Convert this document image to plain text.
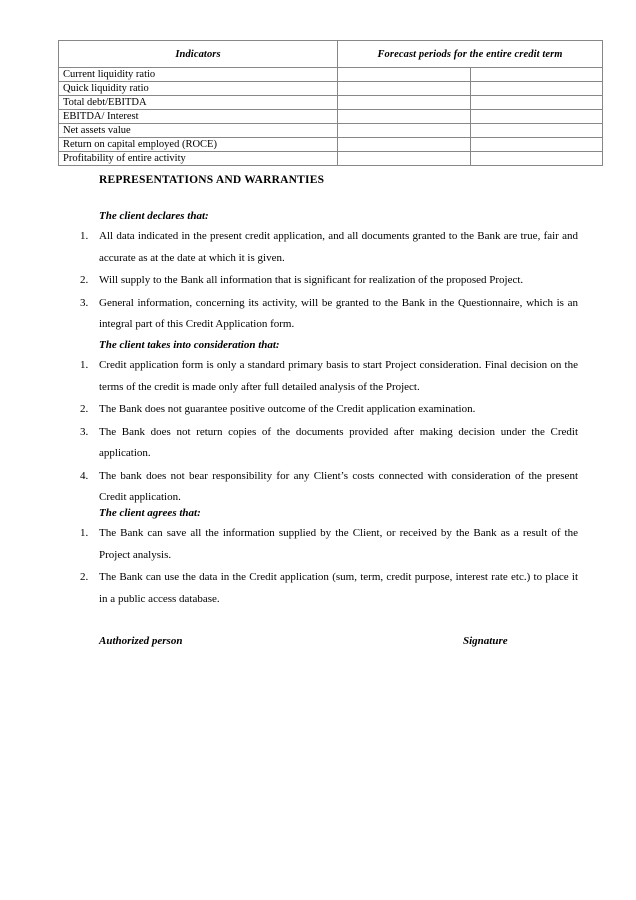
Indicators	Forecast periods for the entire credit term	
Current liquidity ratio		
Quick liquidity ratio		
Total debt/EBITDA		
EBITDA/ Interest		
Net assets value		
Return on capital employed (ROCE)		
Profitability of entire activity		
REPRESENTATIONS AND WARRANTIES
The client declares that:
1. All data indicated in the present credit application, and all documents granted to the Bank are true, fair and accurate as at the date at which it is given.
2. Will supply to the Bank all information that is significant for realization of the proposed Project.
3. General information, concerning its activity, will be granted to the Bank in the Questionnaire, which is an integral part of this Credit Application form.
The client takes into consideration that:
1. Credit application form is only a standard primary basis to start Project consideration. Final decision on the terms of the credit is made only after full detailed analysis of the Project.
2. The Bank does not guarantee positive outcome of the Credit application examination.
3. The Bank does not return copies of the documents provided after making decision under the Credit application.
4. The bank does not bear responsibility for any Client’s costs connected with consideration of the present Credit application.
The client agrees that:
1. The Bank can save all the information supplied by the Client, or received by the Bank as a result of the Project analysis.
2. The Bank can use the data in the Credit application (sum, term, credit purpose, interest rate etc.) to place it in a public access database.
Authorized person	Signature
